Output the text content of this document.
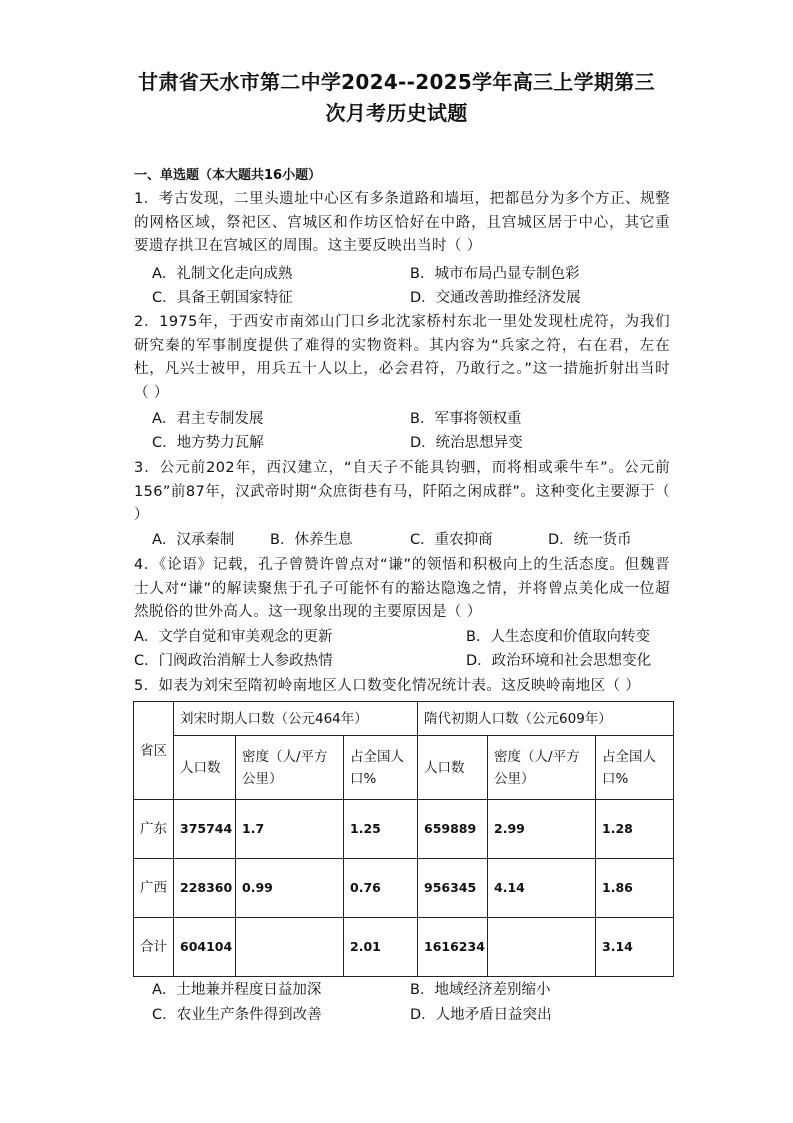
甘肃省天水市第二中学2024--2025学年高三上学期第三
次月考历史试题
一、单选题（本大题共16小题）
1．考古发现，二里头遗址中心区有多条道路和墙垣，把都邑分为多个方正、规整的网格区域，祭祀区、宫城区和作坊区恰好在中路，且宫城区居于中心，其它重要遗存拱卫在宫城区的周围。这主要反映出当时（ ）
A．礼制文化走向成熟	B．城市布局凸显专制色彩
C．具备王朝国家特征	D．交通改善助推经济发展
2．1975年，于西安市南郊山门口乡北沈家桥村东北一里处发现杜虎符，为我们研究秦的军事制度提供了难得的实物资料。其内容为“兵家之符，右在君，左在杜，凡兴士被甲，用兵五十人以上，必会君符，乃敢行之。”这一措施折射出当时（ ）
A．君主专制发展	B．军事将领权重
C．地方势力瓦解	D．统治思想异变
3．公元前202年，西汉建立，“自天子不能具钧驷，而将相或乘牛车”。公元前156”前87年，汉武帝时期“众庶街巷有马，阡陌之闲成群”。这种变化主要源于（ ）
A．汉承秦制 B．休养生息	C．重农抑商	D．统一货币
4．《论语》记载，孔子曾赞许曾点对“谦”的领悟和积极向上的生活态度。但魏晋士人对“谦”的解读聚焦于孔子可能怀有的豁达隐逸之情，并将曾点美化成一位超然脱俗的世外高人。这一现象出现的主要原因是（ ）
A．文学自觉和审美观念的更新	B．人生态度和价值取向转变
C．门阀政治消解士人参政热情	D．政治环境和社会思想变化
5．如表为刘宋至隋初岭南地区人口数变化情况统计表。这反映岭南地区（ ）
省区	刘宋时期人口数（公元464年）			隋代初期人口数（公元609年）		
	人口数	密度（人/平方公里）	占全国人口%	人口数	密度（人/平方公里）	占全国人口%
广东	375744	1.7	1.25	659889	2.99	1.28
广西	228360	0.99	0.76	956345	4.14	1.86
合计	604104		2.01	1616234		3.14
A．土地兼并程度日益加深	B．地域经济差别缩小
C．农业生产条件得到改善	D．人地矛盾日益突出
